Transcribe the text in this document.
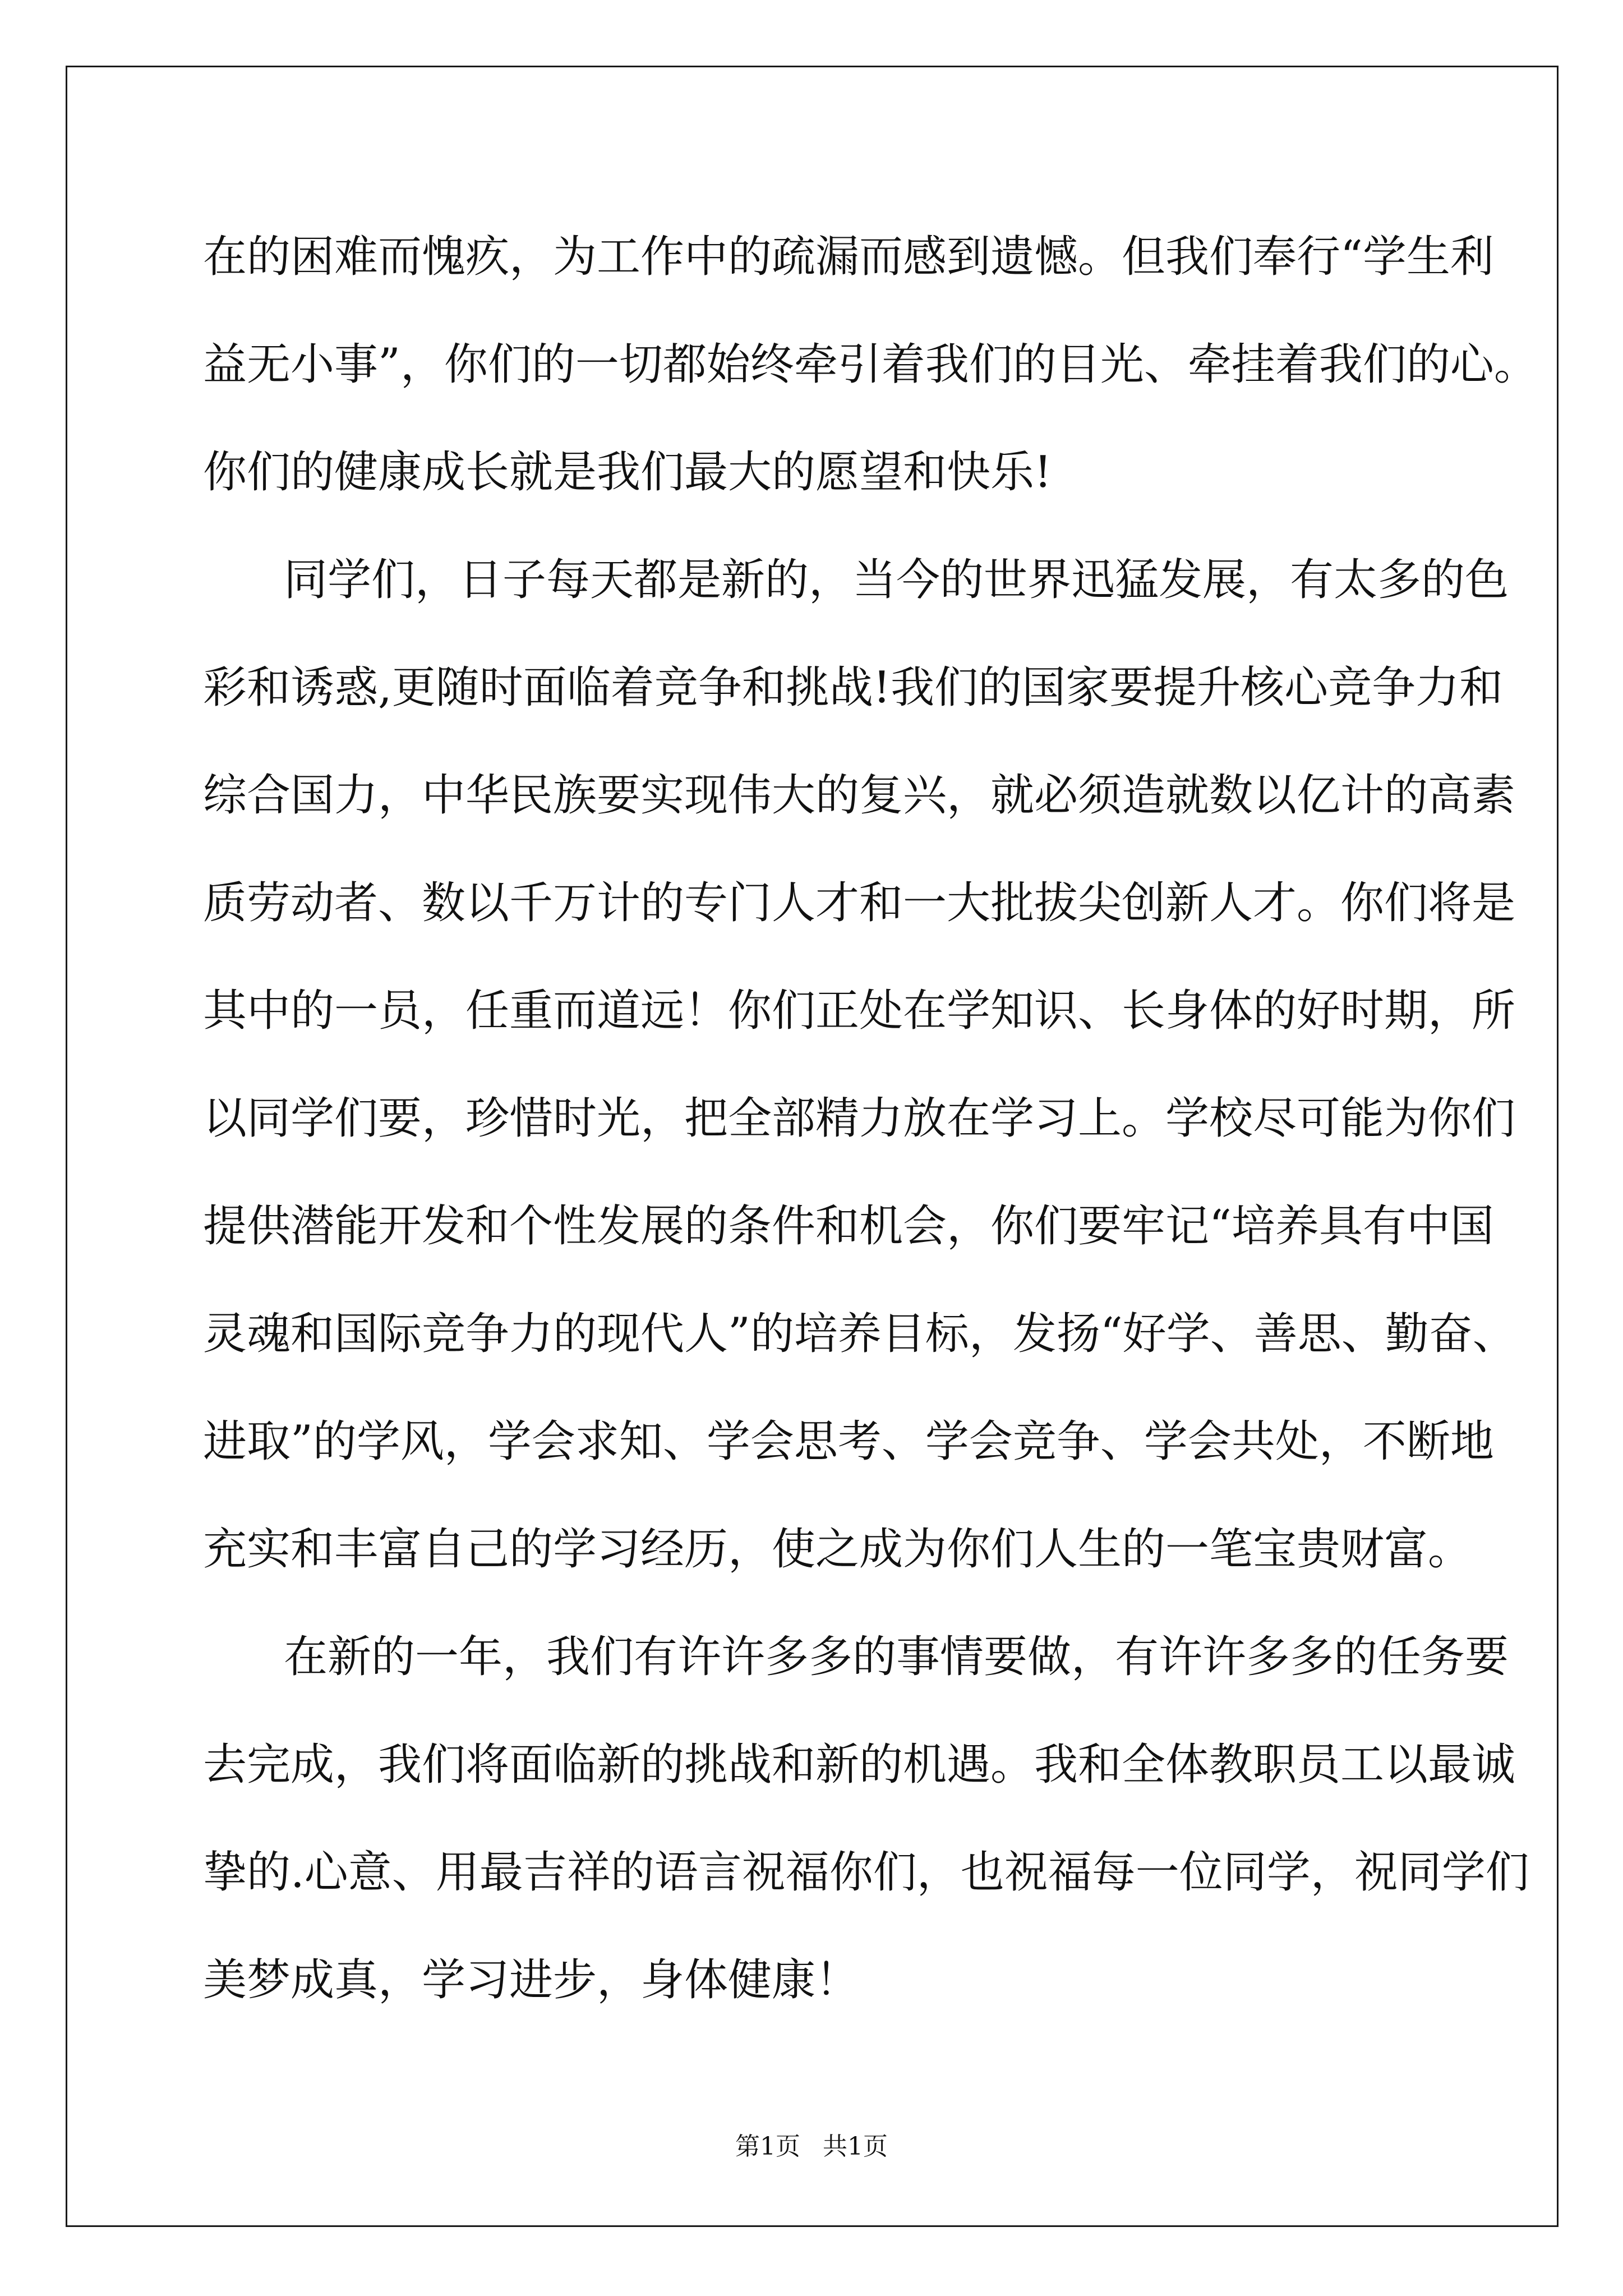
在的困难而愧疚，为工作中的疏漏而感到遗憾。但我们奉行“学生利
益无小事”，你们的一切都始终牵引着我们的目光、牵挂着我们的心。
你们的健康成长就是我们最大的愿望和快乐!
同学们，日子每天都是新的，当今的世界迅猛发展，有太多的色
彩和诱惑,更随时面临着竞争和挑战!我们的国家要提升核心竞争力和
综合国力，中华民族要实现伟大的复兴，就必须造就数以亿计的高素
质劳动者、数以千万计的专门人才和一大批拔尖创新人才。你们将是
其中的一员，任重而道远！你们正处在学知识、长身体的好时期，所
以同学们要，珍惜时光，把全部精力放在学习上。学校尽可能为你们
提供潜能开发和个性发展的条件和机会，你们要牢记“培养具有中国
灵魂和国际竞争力的现代人”的培养目标，发扬“好学、善思、勤奋、
进取”的学风，学会求知、学会思考、学会竞争、学会共处，不断地
充实和丰富自己的学习经历，使之成为你们人生的一笔宝贵财富。
在新的一年，我们有许许多多的事情要做，有许许多多的任务要
去完成，我们将面临新的挑战和新的机遇。我和全体教职员工以最诚
挚的.心意、用最吉祥的语言祝福你们，也祝福每一位同学，祝同学们
美梦成真，学习进步，身体健康！
第1页 共1页
